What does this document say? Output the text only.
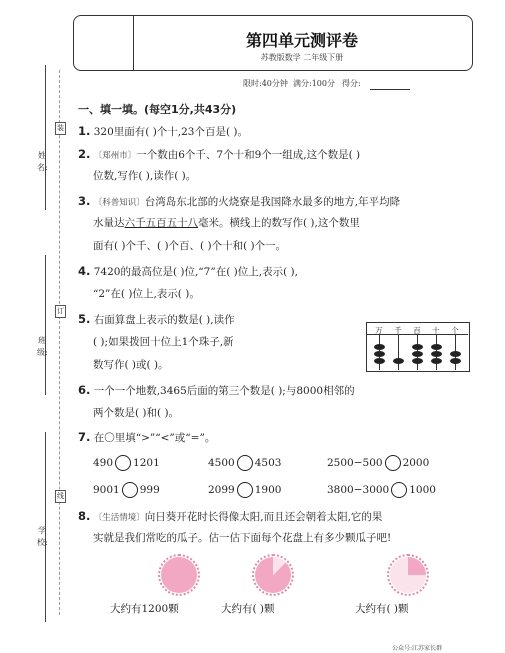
姓名:
班级:
学校:
装
订
线
第四单元测评卷
苏教版数学 二年级下册
限时:40分钟 满分:100分 得分:
一、填一填。(每空1分,共43分)
1. 320里面有( )个十,23个百是( )。
2. 〔郑州市〕一个数由6个千、7个十和9个一组成,这个数是( )
位数,写作( ),读作( )。
3. 〔科普知识〕台湾岛东北部的火烧寮是我国降水最多的地方,年平均降
水量达六千五百五十八毫米。横线上的数写作( ),这个数里
面有( )个千、( )个百、( )个十和( )个一。
4. 7420的最高位是( )位,“7”在( )位上,表示( ),
“2”在( )位上,表示( )。
5. 右面算盘上表示的数是( ),读作
( );如果拨回十位上1个珠子,新
数写作( )或( )。
万	千	百	十	个
6. 一个一个地数,3465后面的第三个数是( );与8000相邻的
两个数是( )和( )。
7. 在〇里填“>”“<”或“=”。
490 1201	4500 4503	2500−500 2000
9001 999	2099 1900	3800−3000 1000
8. 〔生活情境〕向日葵开花时长得像太阳,而且还会朝着太阳,它的果
实就是我们常吃的瓜子。估一估下面每个花盘上有多少颗瓜子吧!
大约有1200颗	大约有( )颗	大约有( )颗
公众号:江苏家长群
